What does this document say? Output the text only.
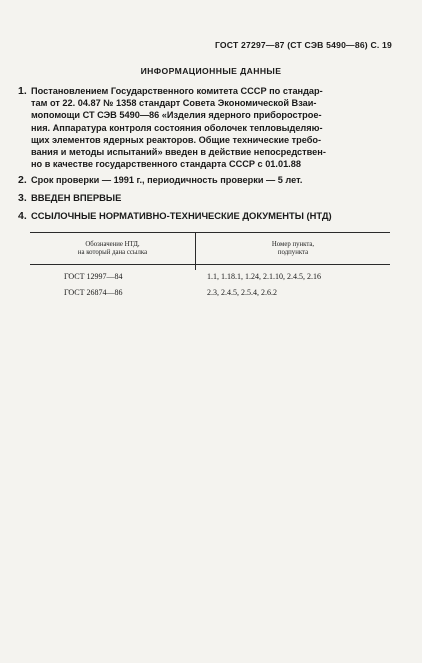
ГОСТ 27297—87 (СТ СЭВ 5490—86) С. 19
ИНФОРМАЦИОННЫЕ ДАННЫЕ
1. Постановлением Государственного комитета СССР по стандар-
там от 22. 04.87 № 1358 стандарт Совета Экономической Взаи-
мопомощи СТ СЭВ 5490—86 «Изделия ядерного приборострое-
ния. Аппаратура контроля состояния оболочек тепловыделяю-
щих элементов ядерных реакторов. Общие технические требо-
вания и методы испытаний» введен в действие непосредствен-
но в качестве государственного стандарта СССР с 01.01.88
2. Срок проверки — 1991 г., периодичность проверки — 5 лет.
3. ВВЕДЕН ВПЕРВЫЕ
4. ССЫЛОЧНЫЕ НОРМАТИВНО-ТЕХНИЧЕСКИЕ ДОКУМЕНТЫ (НТД)
Обозначение НТД,
на который дана ссылка
Номер пункта,
подпункта
ГОСТ 12997—84	1.1, 1.18.1, 1.24, 2.1.10, 2.4.5, 2.16
ГОСТ 26874—86	2.3, 2.4.5, 2.5.4, 2.6.2
